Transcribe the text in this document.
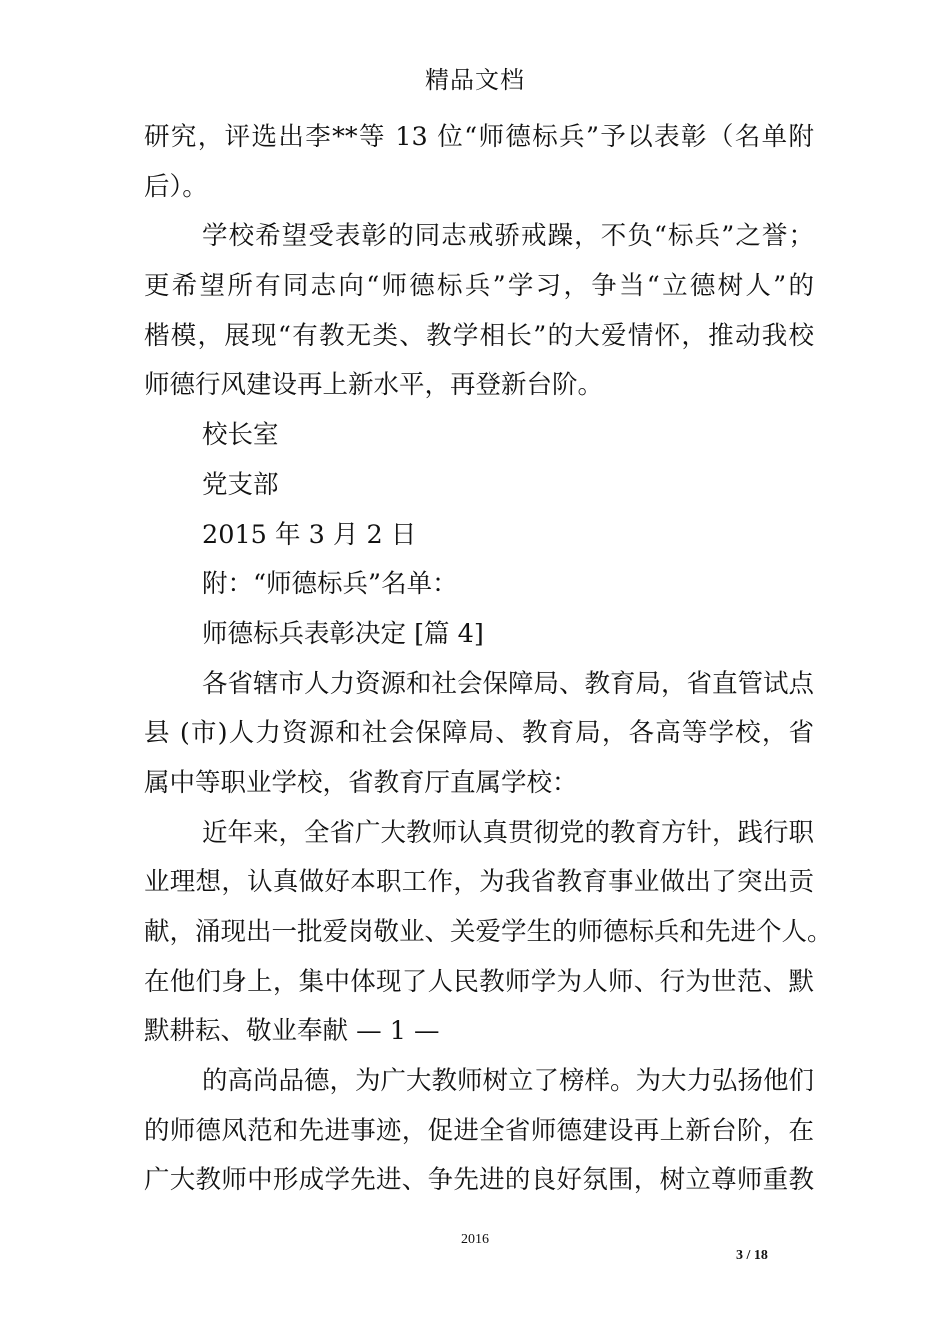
精品文档
研究，评选出李**等 13 位“师德标兵”予以表彰（名单附
后）。
学校希望受表彰的同志戒骄戒躁，不负“标兵”之誉；
更希望所有同志向“师德标兵”学习，争当“立德树人”的
楷模，展现“有教无类、教学相长”的大爱情怀，推动我校
师德行风建设再上新水平，再登新台阶。
校长室
党支部
2015 年 3 月 2 日
附：“师德标兵”名单：
师德标兵表彰决定 [篇 4]
各省辖市人力资源和社会保障局、教育局，省直管试点
县 (市)人力资源和社会保障局、教育局，各高等学校，省
属中等职业学校，省教育厅直属学校：
近年来，全省广大教师认真贯彻党的教育方针，践行职
业理想，认真做好本职工作，为我省教育事业做出了突出贡
献，涌现出一批爱岗敬业、关爱学生的师德标兵和先进个人。
在他们身上，集中体现了人民教师学为人师、行为世范、默
默耕耘、敬业奉献 — 1 —
的高尚品德，为广大教师树立了榜样。为大力弘扬他们
的师德风范和先进事迹，促进全省师德建设再上新台阶，在
广大教师中形成学先进、争先进的良好氛围，树立尊师重教
2016
3 / 18
